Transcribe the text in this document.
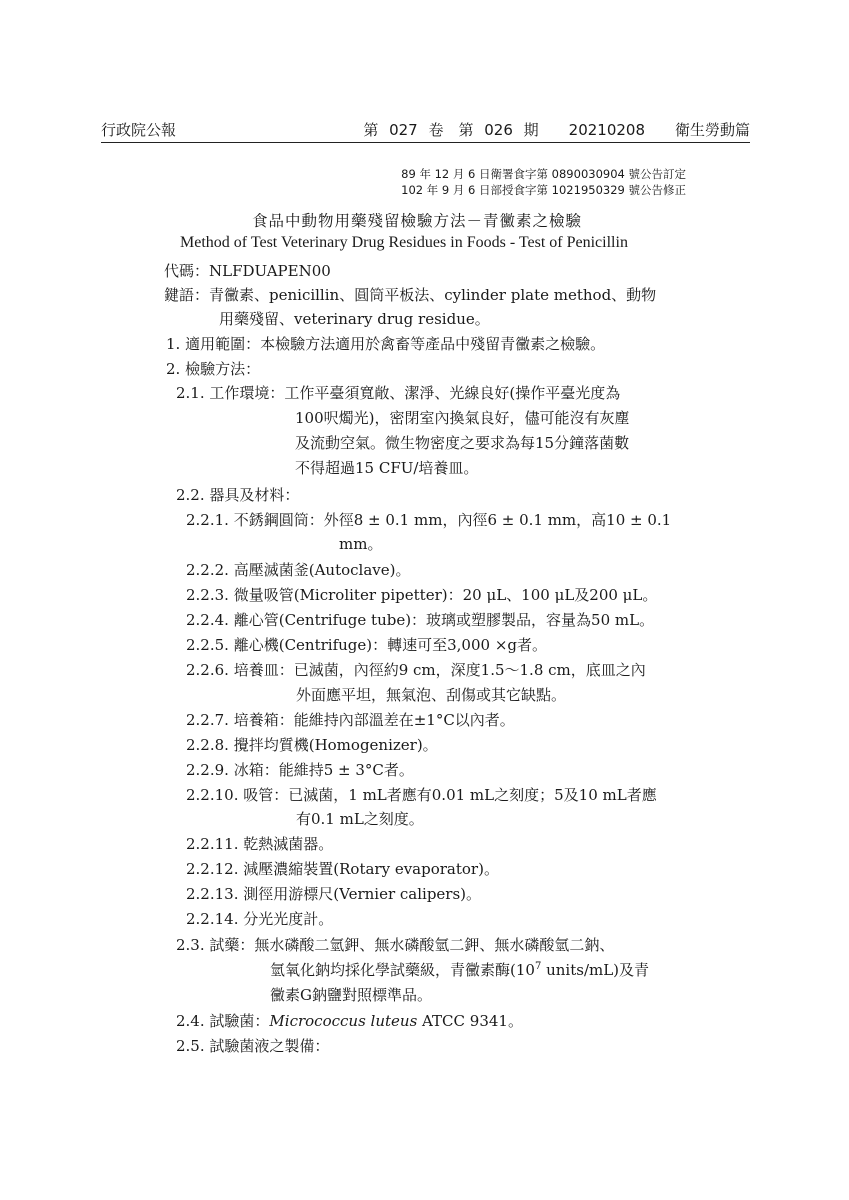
行政院公報	第 027 卷　第 026 期　　20210208　　衛生勞動篇
89 年 12 月 6 日衛署食字第 0890030904 號公告訂定
102 年 9 月 6 日部授食字第 1021950329 號公告修正
食品中動物用藥殘留檢驗方法－青黴素之檢驗
Method of Test Veterinary Drug Residues in Foods - Test of Penicillin
代碼：NLFDUAPEN00
鍵語：青黴素、penicillin、圓筒平板法、cylinder plate method、動物
用藥殘留、veterinary drug residue。
1. 適用範圍：本檢驗方法適用於禽畜等產品中殘留青黴素之檢驗。
2. 檢驗方法：
2.1. 工作環境：工作平臺須寬敞、潔淨、光線良好(操作平臺光度為
100呎燭光)，密閉室內換氣良好，儘可能沒有灰塵
及流動空氣。微生物密度之要求為每15分鐘落菌數
不得超過15 CFU/培養皿。
2.2. 器具及材料：
2.2.1. 不銹鋼圓筒：外徑8 ± 0.1 mm，內徑6 ± 0.1 mm，高10 ± 0.1
mm。
2.2.2. 高壓滅菌釜(Autoclave)。
2.2.3. 微量吸管(Microliter pipetter)：20 μL、100 μL及200 μL。
2.2.4. 離心管(Centrifuge tube)：玻璃或塑膠製品，容量為50 mL。
2.2.5. 離心機(Centrifuge)：轉速可至3,000 ×g者。
2.2.6. 培養皿：已滅菌，內徑約9 cm，深度1.5～1.8 cm，底皿之內
外面應平坦，無氣泡、刮傷或其它缺點。
2.2.7. 培養箱：能維持內部溫差在±1°C以內者。
2.2.8. 攪拌均質機(Homogenizer)。
2.2.9. 冰箱：能維持5 ± 3°C者。
2.2.10. 吸管：已滅菌，1 mL者應有0.01 mL之刻度；5及10 mL者應
有0.1 mL之刻度。
2.2.11. 乾熱滅菌器。
2.2.12. 減壓濃縮裝置(Rotary evaporator)。
2.2.13. 測徑用游標尺(Vernier calipers)。
2.2.14. 分光光度計。
2.3. 試藥：無水磷酸二氫鉀、無水磷酸氫二鉀、無水磷酸氫二鈉、
氫氧化鈉均採化學試藥級，青黴素酶($10^7$ units/mL)及青
黴素G鈉鹽對照標準品。
2.4. 試驗菌：Micrococcus luteus ATCC 9341。
2.5. 試驗菌液之製備：
